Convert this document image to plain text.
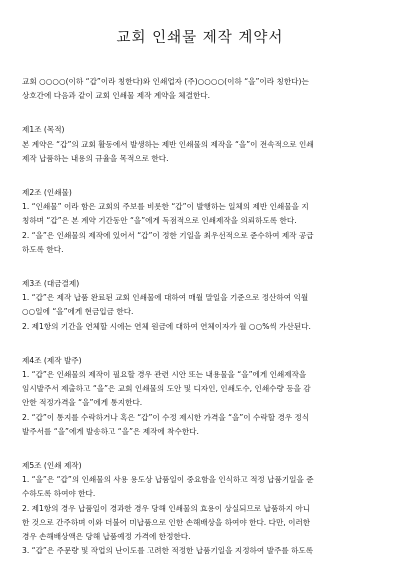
교회 인쇄물 제작 계약서

교회 ○○○○(이하 “갑”이라 칭한다)와 인쇄업자 (주)○○○○(이하 “을”이라 칭한다)는

상호간에 다음과 같이 교회 인쇄물 제작 계약을 체결한다.

제1조 (목적)

본 계약은 “갑”의 교회 활동에서 발생하는 제반 인쇄물의 제작을 “을”이 전속적으로 인쇄

제작 납품하는 내용의 규율을 목적으로 한다.

제2조 (인쇄물)

1. “인쇄물” 이라 함은 교회의 주보를 비롯한 “갑”이 발행하는 일체의 제반 인쇄물을 지

칭하며 “갑”은 본 계약 기간동안 “을”에게 독점적으로 인쇄제작을 의뢰하도록 한다.

2. “을”은 인쇄물의 제작에 있어서 “갑”이 정한 기일을 최우선적으로 준수하여 제작 공급

하도록 한다.

제3조 (대금결제)

1. “갑”은 제작 납품 완료된 교회 인쇄물에 대하여 매월 말일을 기준으로 정산하여 익월

○○일에 “을”에게 현금입금 한다.

2. 제1항의 기간을 연체할 시에는 연체 원금에 대하여 연체이자가 월 ○○%씩 가산된다.

제4조 (제작 발주)

1. “갑”은 인쇄물의 제작이 필요할 경우 관련 시안 또는 내용물을 “을”에게 인쇄제작을

임시발주서 제출하고 “을”은 교회 인쇄물의 도안 및 디자인, 인쇄도수, 인쇄수량 등을 감

안한 적정가격을 “을”에게 통지한다.

2. “갑”이 통지를 수락하거나 혹은 “갑”이 수정 제시한 가격을 “을”이 수락할 경우 정식

발주서를 “을”에게 발송하고 “을”은 제작에 착수한다.

제5조 (인쇄 제작)

1. “을”은 “갑”의 인쇄물의 사용 용도상 납품일이 중요함을 인식하고 적정 납품기일을 준

수하도록 하여야 한다.

2. 제1항의 경우 납품일이 경과한 경우 당해 인쇄물의 효용이 상실되므로 납품하지 아니

한 것으로 간주하며 이와 더불어 미납품으로 인한 손해배상을 하여야 한다. 다만, 이러한

경우 손해배상액은 당해 납품예정 가격에 한정한다.

3. “갑”은 주문량 및 작업의 난이도를 고려한 적정한 납품기일을 지정하여 발주를 하도록
